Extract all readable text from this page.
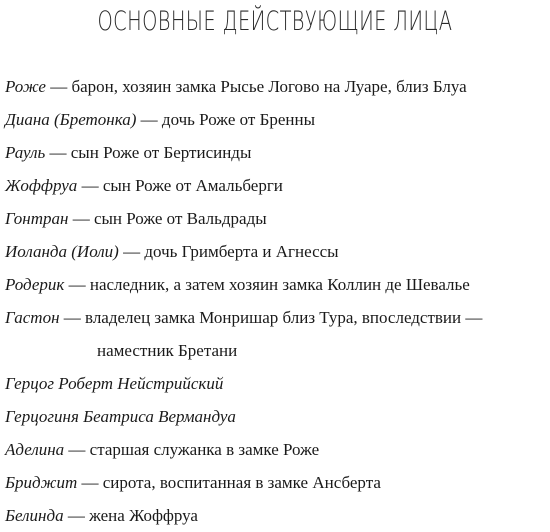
ОСНОВНЫЕ ДЕЙСТВУЮЩИЕ ЛИЦА
Роже — барон, хозяин замка Рысье Логово на Луаре, близ Блуа
Диана (Бретонка) — дочь Роже от Бренны
Рауль — сын Роже от Бертисинды
Жоффруа — сын Роже от Амальберги
Гонтран — сын Роже от Вальдрады
Иоланда (Иоли) — дочь Гримберта и Агнессы
Родерик — наследник, а затем хозяин замка Коллин де Шевалье
Гастон — владелец замка Монришар близ Тура, впоследствии —
наместник Бретани
Герцог Роберт Нейстрийский
Герцогиня Беатриса Вермандуа
Аделина — старшая служанка в замке Роже
Бриджит — сирота, воспитанная в замке Ансберта
Белинда — жена Жоффруа
